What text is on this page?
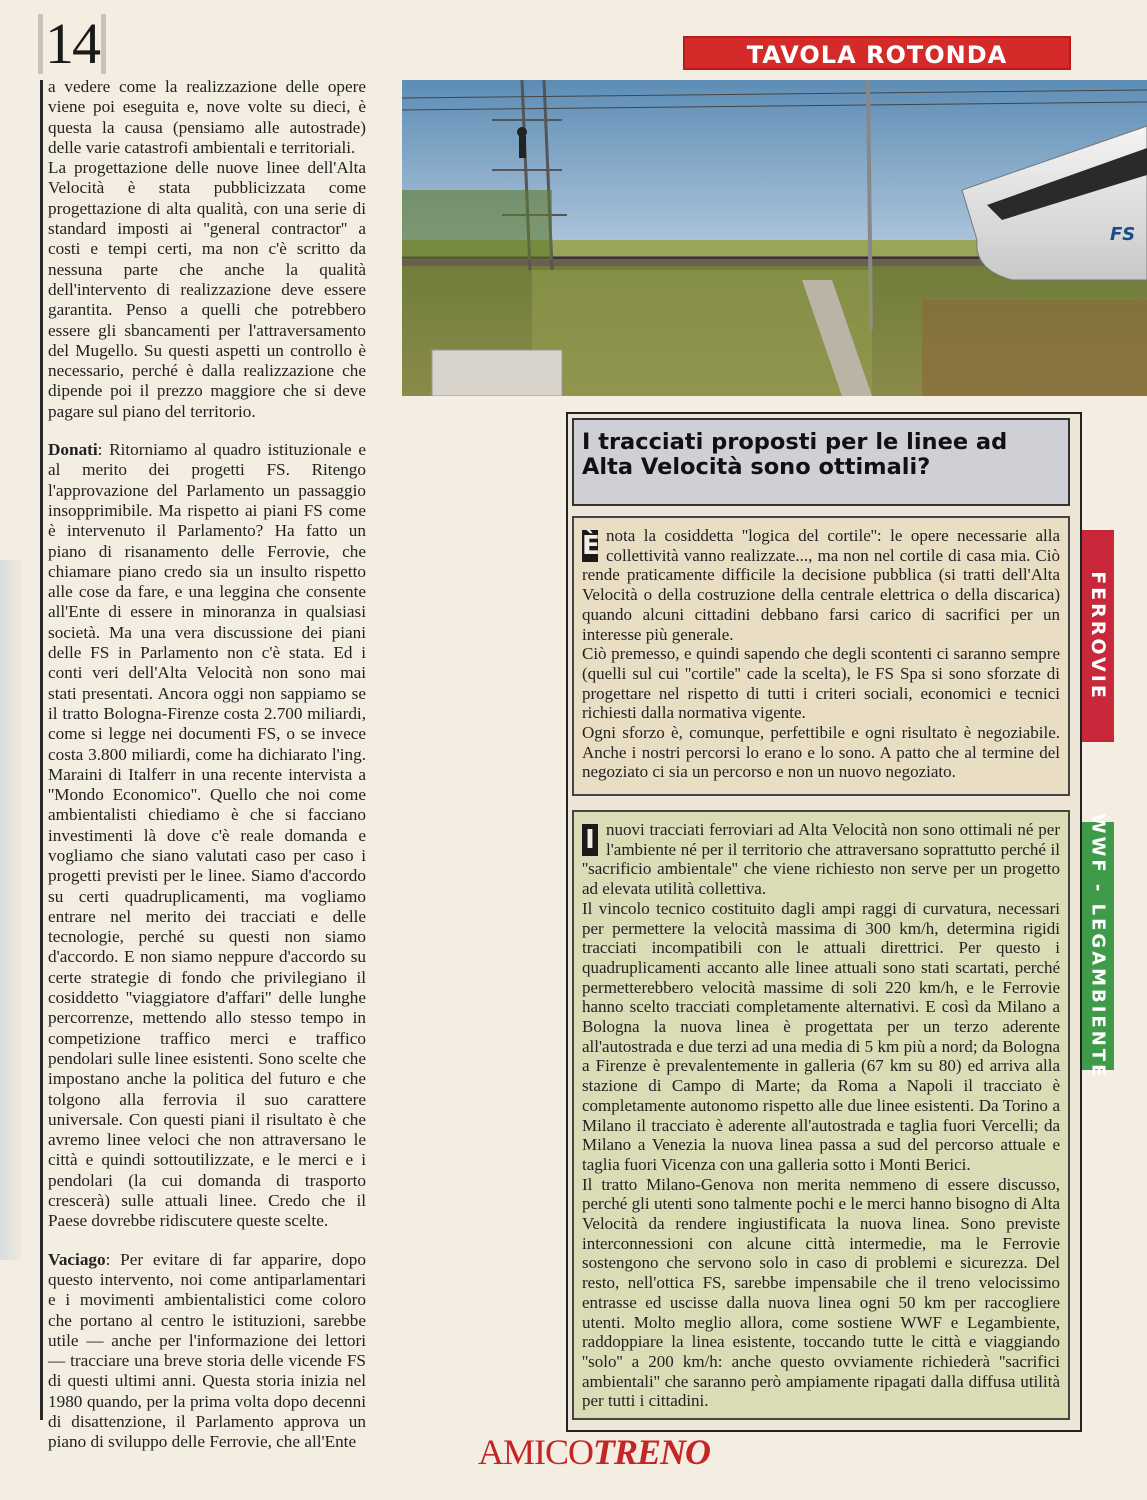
14	TAVOLA ROTONDA
FS

a vedere come la realizzazione delle opere viene poi eseguita e, nove volte su dieci, è questa la causa (pensiamo alle autostrade) delle varie catastrofi ambientali e territoriali.

La progettazione delle nuove linee dell'Alta Velocità è stata pubblicizzata come progettazione di alta qualità, con una serie di standard imposti ai ''general contractor'' a costi e tempi certi, ma non c'è scritto da nessuna parte che anche la qualità dell'intervento di realizzazione deve essere garantita. Penso a quelli che potrebbero essere gli sbancamenti per l'attraversamento del Mugello. Su questi aspetti un controllo è necessario, perché è dalla realizzazione che dipende poi il prezzo maggiore che si deve pagare sul piano del territorio.

Donati: Ritorniamo al quadro istituzionale e al merito dei progetti FS. Ritengo l'approvazione del Parlamento un passaggio insopprimibile. Ma rispetto ai piani FS come è intervenuto il Parlamento? Ha fatto un piano di risanamento delle Ferrovie, che chiamare piano credo sia un insulto rispetto alle cose da fare, e una leggina che consente all'Ente di essere in minoranza in qualsiasi società. Ma una vera discussione dei piani delle FS in Parlamento non c'è stata. Ed i conti veri dell'Alta Velocità non sono mai stati presentati. Ancora oggi non sappiamo se il tratto Bologna-Firenze costa 2.700 miliardi, come si legge nei documenti FS, o se invece costa 3.800 miliardi, come ha dichiarato l'ing. Maraini di Italferr in una recente intervista a ''Mondo Economico''. Quello che noi come ambientalisti chiediamo è che si facciano investimenti là dove c'è reale domanda e vogliamo che siano valutati caso per caso i progetti previsti per le linee. Siamo d'accordo su certi quadruplicamenti, ma vogliamo entrare nel merito dei tracciati e delle tecnologie, perché su questi non siamo d'accordo. E non siamo neppure d'accordo su certe strategie di fondo che privilegiano il cosiddetto ''viaggiatore d'affari'' delle lunghe percorrenze, mettendo allo stesso tempo in competizione traffico merci e traffico pendolari sulle linee esistenti. Sono scelte che impostano anche la politica del futuro e che tolgono alla ferrovia il suo carattere universale. Con questi piani il risultato è che avremo linee veloci che non attraversano le città e quindi sottoutilizzate, e le merci e i pendolari (la cui domanda di trasporto crescerà) sulle attuali linee. Credo che il Paese dovrebbe ridiscutere queste scelte.

Vaciago: Per evitare di far apparire, dopo questo intervento, noi come antiparlamentari e i movimenti ambientalistici come coloro che portano al centro le istituzioni, sarebbe utile — anche per l'informazione dei lettori — tracciare una breve storia delle vicende FS di questi ultimi anni. Questa storia inizia nel 1980 quando, per la prima volta dopo decenni di disattenzione, il Parlamento approva un piano di sviluppo delle Ferrovie, che all'Ente

I tracciati proposti per le linee ad Alta Velocità sono ottimali?
È nota la cosiddetta ''logica del cortile'': le opere necessarie alla collettività vanno realizzate..., ma non nel cortile di casa mia. Ciò rende praticamente difficile la decisione pubblica (si tratti dell'Alta Velocità o della costruzione della centrale elettrica o della discarica) quando alcuni cittadini debbano farsi carico di sacrifici per un interesse più generale.

Ciò premesso, e quindi sapendo che degli scontenti ci saranno sempre (quelli sul cui ''cortile'' cade la scelta), le FS Spa si sono sforzate di progettare nel rispetto di tutti i criteri sociali, economici e tecnici richiesti dalla normativa vigente.

Ogni sforzo è, comunque, perfettibile e ogni risultato è negoziabile. Anche i nostri percorsi lo erano e lo sono. A patto che al termine del negoziato ci sia un percorso e non un nuovo negoziato.

FERROVIE
I nuovi tracciati ferroviari ad Alta Velocità non sono ottimali né per l'ambiente né per il territorio che attraversano soprattutto perché il ''sacrificio ambientale'' che viene richiesto non serve per un progetto ad elevata utilità collettiva.

Il vincolo tecnico costituito dagli ampi raggi di curvatura, necessari per permettere la velocità massima di 300 km/h, determina rigidi tracciati incompatibili con le attuali direttrici. Per questo i quadruplicamenti accanto alle linee attuali sono stati scartati, perché permetterebbero velocità massime di soli 220 km/h, e le Ferrovie hanno scelto tracciati completamente alternativi. E così da Milano a Bologna la nuova linea è progettata per un terzo aderente all'autostrada e due terzi ad una media di 5 km più a nord; da Bologna a Firenze è prevalentemente in galleria (67 km su 80) ed arriva alla stazione di Campo di Marte; da Roma a Napoli il tracciato è completamente autonomo rispetto alle due linee esistenti. Da Torino a Milano il tracciato è aderente all'autostrada e taglia fuori Vercelli; da Milano a Venezia la nuova linea passa a sud del percorso attuale e taglia fuori Vicenza con una galleria sotto i Monti Berici.

Il tratto Milano-Genova non merita nemmeno di essere discusso, perché gli utenti sono talmente pochi e le merci hanno bisogno di Alta Velocità da rendere ingiustificata la nuova linea. Sono previste interconnessioni con alcune città intermedie, ma le Ferrovie sostengono che servono solo in caso di problemi e sicurezza. Del resto, nell'ottica FS, sarebbe impensabile che il treno velocissimo entrasse ed uscisse dalla nuova linea ogni 50 km per raccogliere utenti. Molto meglio allora, come sostiene WWF e Legambiente, raddoppiare la linea esistente, toccando tutte le città e viaggiando ''solo'' a 200 km/h: anche questo ovviamente richiederà ''sacrifici ambientali'' che saranno però ampiamente ripagati dalla diffusa utilità per tutti i cittadini.

WWF - LEGAMBIENTE
AMICOTRENO
